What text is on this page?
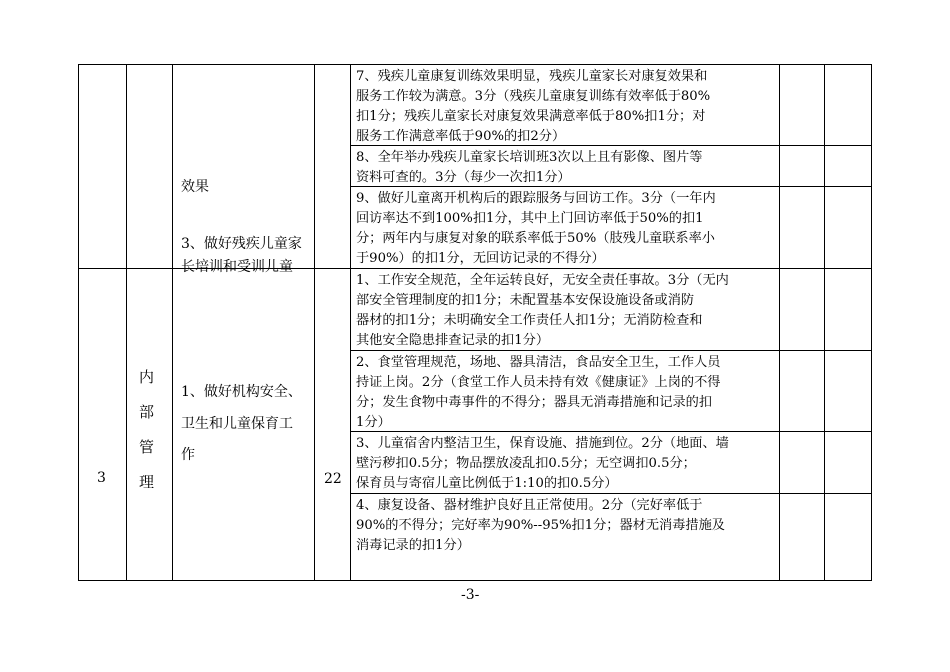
3
内
部
管
理
效果
3、做好残疾儿童家
长培训和受训儿童
1、做好机构安全、
卫生和儿童保育工
作
22
7、残疾儿童康复训练效果明显，残疾儿童家长对康复效果和
服务工作较为满意。3分（残疾儿童康复训练有效率低于80%
扣1分；残疾儿童家长对康复效果满意率低于80%扣1分；对
服务工作满意率低于90%的扣2分）
8、全年举办残疾儿童家长培训班3次以上且有影像、图片等
资料可查的。3分（每少一次扣1分）
9、做好儿童离开机构后的跟踪服务与回访工作。3分（一年内
回访率达不到100%扣1分，其中上门回访率低于50%的扣1
分；两年内与康复对象的联系率低于50%（肢残儿童联系率小
于90%）的扣1分，无回访记录的不得分）
1、工作安全规范，全年运转良好，无安全责任事故。3分（无内
部安全管理制度的扣1分；未配置基本安保设施设备或消防
器材的扣1分；未明确安全工作责任人扣1分；无消防检查和
其他安全隐患排查记录的扣1分）
2、食堂管理规范，场地、器具清洁，食品安全卫生，工作人员
持证上岗。2分（食堂工作人员未持有效《健康证》上岗的不得
分；发生食物中毒事件的不得分；器具无消毒措施和记录的扣
1分）
3、儿童宿舍内整洁卫生，保育设施、措施到位。2分（地面、墙
壁污秽扣0.5分；物品摆放凌乱扣0.5分；无空调扣0.5分；
保育员与寄宿儿童比例低于1:10的扣0.5分）
4、康复设备、器材维护良好且正常使用。2分（完好率低于
90%的不得分；完好率为90%--95%扣1分；器材无消毒措施及
消毒记录的扣1分）
-3-
